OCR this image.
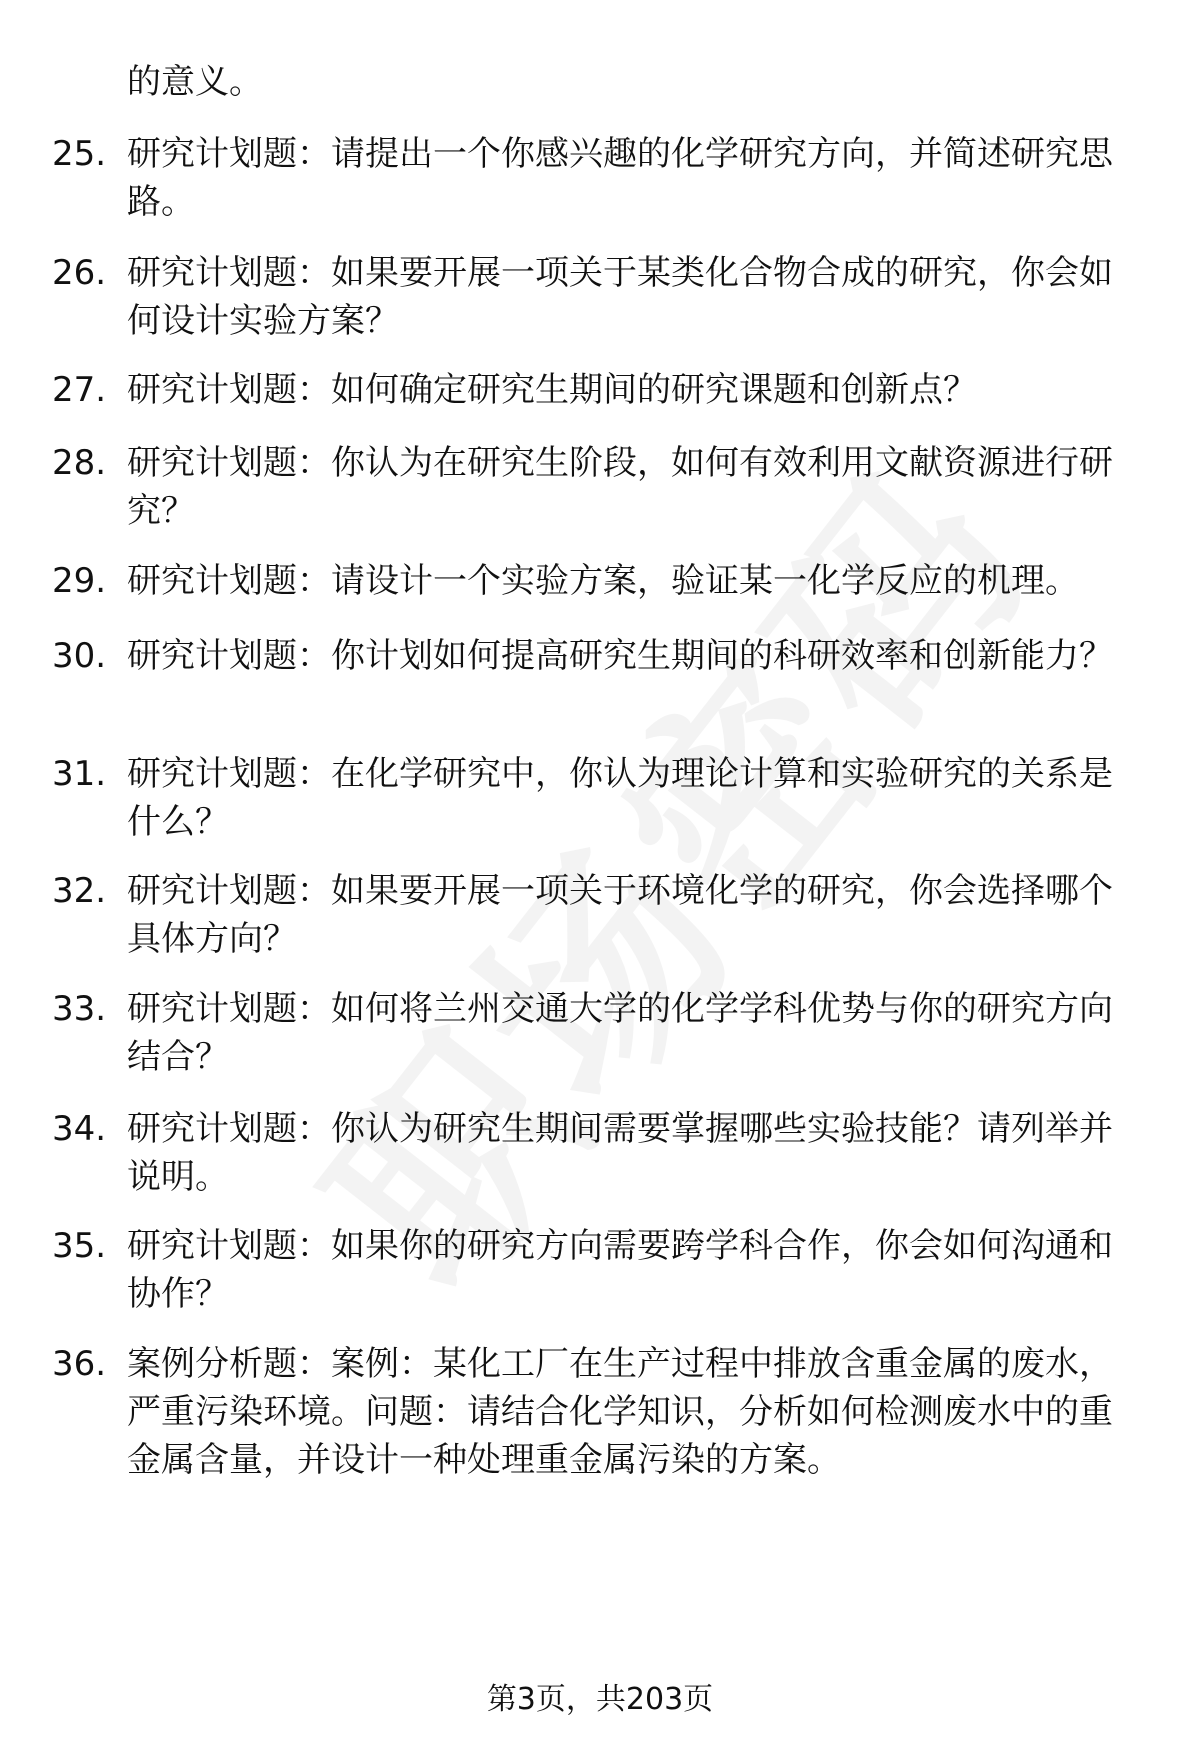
的意义。
25. 研究计划题：请提出一个你感兴趣的化学研究方向，并简述研究思路。
26. 研究计划题：如果要开展一项关于某类化合物合成的研究，你会如何设计实验方案？
27. 研究计划题：如何确定研究生期间的研究课题和创新点？
28. 研究计划题：你认为在研究生阶段，如何有效利用文献资源进行研究？
29. 研究计划题：请设计一个实验方案，验证某一化学反应的机理。
30. 研究计划题：你计划如何提高研究生期间的科研效率和创新能力？
31. 研究计划题：在化学研究中，你认为理论计算和实验研究的关系是什么？
32. 研究计划题：如果要开展一项关于环境化学的研究，你会选择哪个具体方向？
33. 研究计划题：如何将兰州交通大学的化学学科优势与你的研究方向结合？
34. 研究计划题：你认为研究生期间需要掌握哪些实验技能？请列举并说明。
35. 研究计划题：如果你的研究方向需要跨学科合作，你会如何沟通和协作？
36. 案例分析题：案例：某化工厂在生产过程中排放含重金属的废水，严重污染环境。问题：请结合化学知识，分析如何检测废水中的重金属含量，并设计一种处理重金属污染的方案。
第3页，共203页
